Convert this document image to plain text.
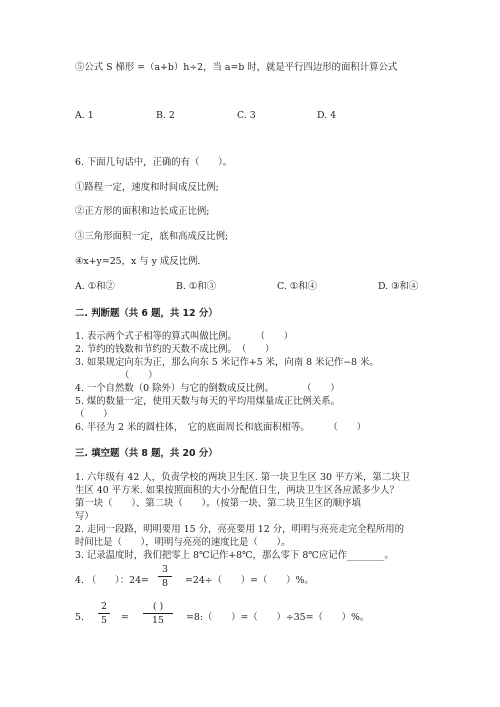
⑤公式 S 梯形 =（a+b）h÷2，当 a=b 时，就是平行四边形的面积计算公式
A. 1	B. 2	C. 3	D. 4
6. 下面几句话中，正确的有（　　）。
①路程一定，速度和时间成反比例;
②正方形的面积和边长成正比例;
③三角形面积一定，底和高成反比例;
④x+y=25，x 与 y 成反比例.
A. ①和②	B. ①和③	C. ①和④	D. ③和④
二. 判断题（共 6 题，共 12 分）
1. 表示两个式子相等的算式叫做比例。　　　（　　）
2. 节约的钱数和节约的天数不成比例。　（　　）
3. 如果规定向东为正，那么向东 5 米记作+5 米，向南 8 米记作−8 米。
（　　）
4. 一个自然数（0 除外）与它的倒数成反比例。　　　　（　　）
5. 煤的数量一定，使用天数与每天的平均用煤量成正比例关系。
（　　）
6. 半径为 2 米的圆柱体，　它的底面周长和底面积相等。　　　（　　）
三. 填空题（共 8 题，共 20 分）
1. 六年级有 42 人，负责学校的两块卫生区. 第一块卫生区 30 平方米，第二块卫
生区 40 平方米. 如果按照面积的大小分配值日生，两块卫生区各应派多少人？
第一块（　　）、第二块（　　）。（按第一块、第二块卫生区的顺序填
写）
2. 走同一段路，明明要用 15 分，亮亮要用 12 分，明明与亮亮走完全程所用的
时间比是（　　），明明与亮亮的速度比是（　　）。
3. 记录温度时，我们把零上 8℃记作+8℃，那么零下 8℃应记作________。
4. （　　）：24=
3
8	=24÷（　　）=（　　）%。
5.
2
5	=
( )
15	=8:（　　）=（　　）÷35=（　　）%。
